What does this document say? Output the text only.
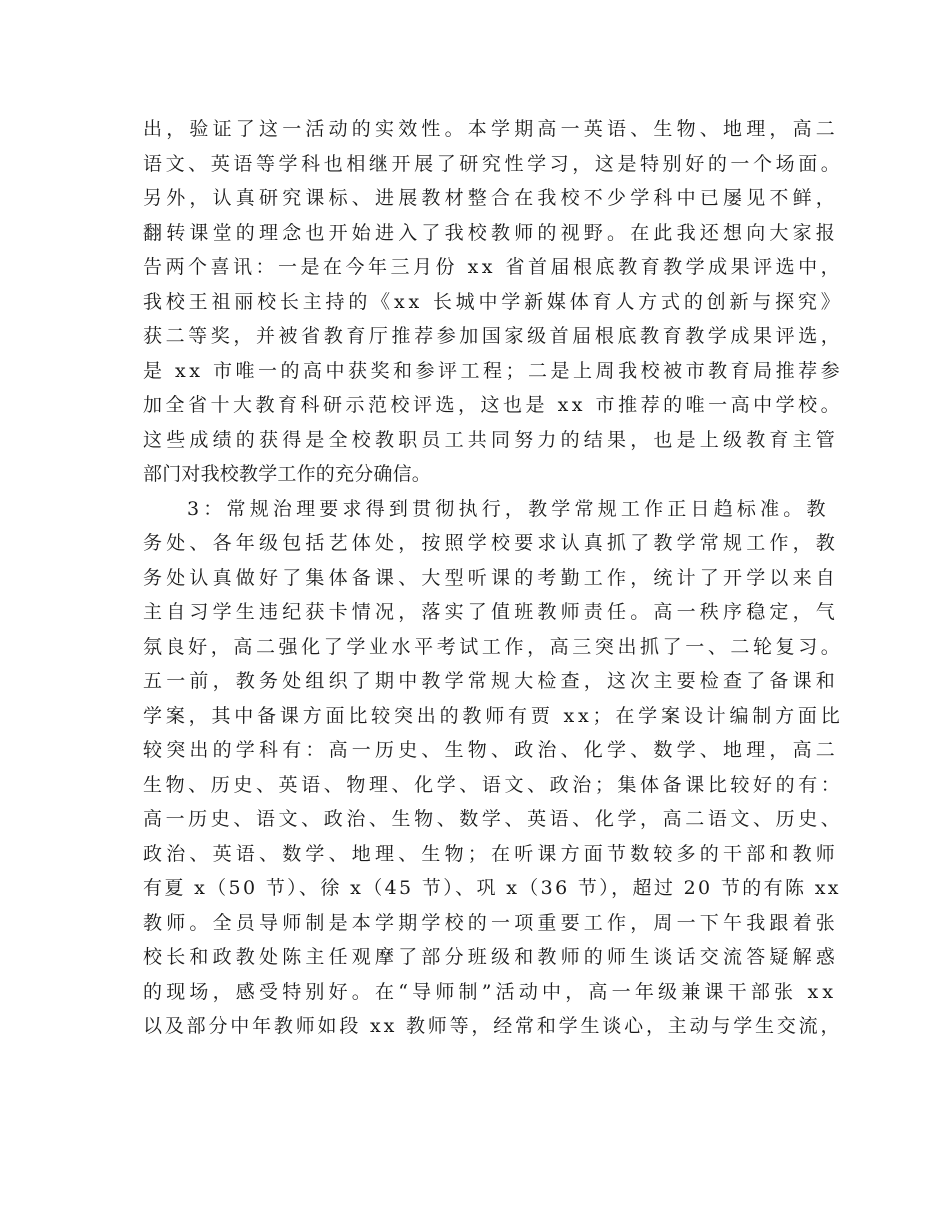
出，验证了这一活动的实效性。本学期高一英语、生物、地理，高二
语文、英语等学科也相继开展了研究性学习，这是特别好的一个场面。
另外，认真研究课标、进展教材整合在我校不少学科中已屡见不鲜，
翻转课堂的理念也开始进入了我校教师的视野。在此我还想向大家报
告两个喜讯：一是在今年三月份 xx 省首届根底教育教学成果评选中，
我校王祖丽校长主持的《xx 长城中学新媒体育人方式的创新与探究》
获二等奖，并被省教育厅推荐参加国家级首届根底教育教学成果评选，
是 xx 市唯一的高中获奖和参评工程；二是上周我校被市教育局推荐参
加全省十大教育科研示范校评选，这也是 xx 市推荐的唯一高中学校。
这些成绩的获得是全校教职员工共同努力的结果，也是上级教育主管
部门对我校教学工作的充分确信。
3：常规治理要求得到贯彻执行，教学常规工作正日趋标准。教
务处、各年级包括艺体处，按照学校要求认真抓了教学常规工作，教
务处认真做好了集体备课、大型听课的考勤工作，统计了开学以来自
主自习学生违纪获卡情况，落实了值班教师责任。高一秩序稳定，气
氛良好，高二强化了学业水平考试工作，高三突出抓了一、二轮复习。
五一前，教务处组织了期中教学常规大检查，这次主要检查了备课和
学案，其中备课方面比较突出的教师有贾 xx；在学案设计编制方面比
较突出的学科有：高一历史、生物、政治、化学、数学、地理，高二
生物、历史、英语、物理、化学、语文、政治；集体备课比较好的有：
高一历史、语文、政治、生物、数学、英语、化学，高二语文、历史、
政治、英语、数学、地理、生物；在听课方面节数较多的干部和教师
有夏 x（50 节）、徐 x（45 节）、巩 x（36 节），超过 20 节的有陈 xx
教师。全员导师制是本学期学校的一项重要工作，周一下午我跟着张
校长和政教处陈主任观摩了部分班级和教师的师生谈话交流答疑解惑
的现场，感受特别好。在“导师制”活动中，高一年级兼课干部张 xx
以及部分中年教师如段 xx 教师等，经常和学生谈心，主动与学生交流，
